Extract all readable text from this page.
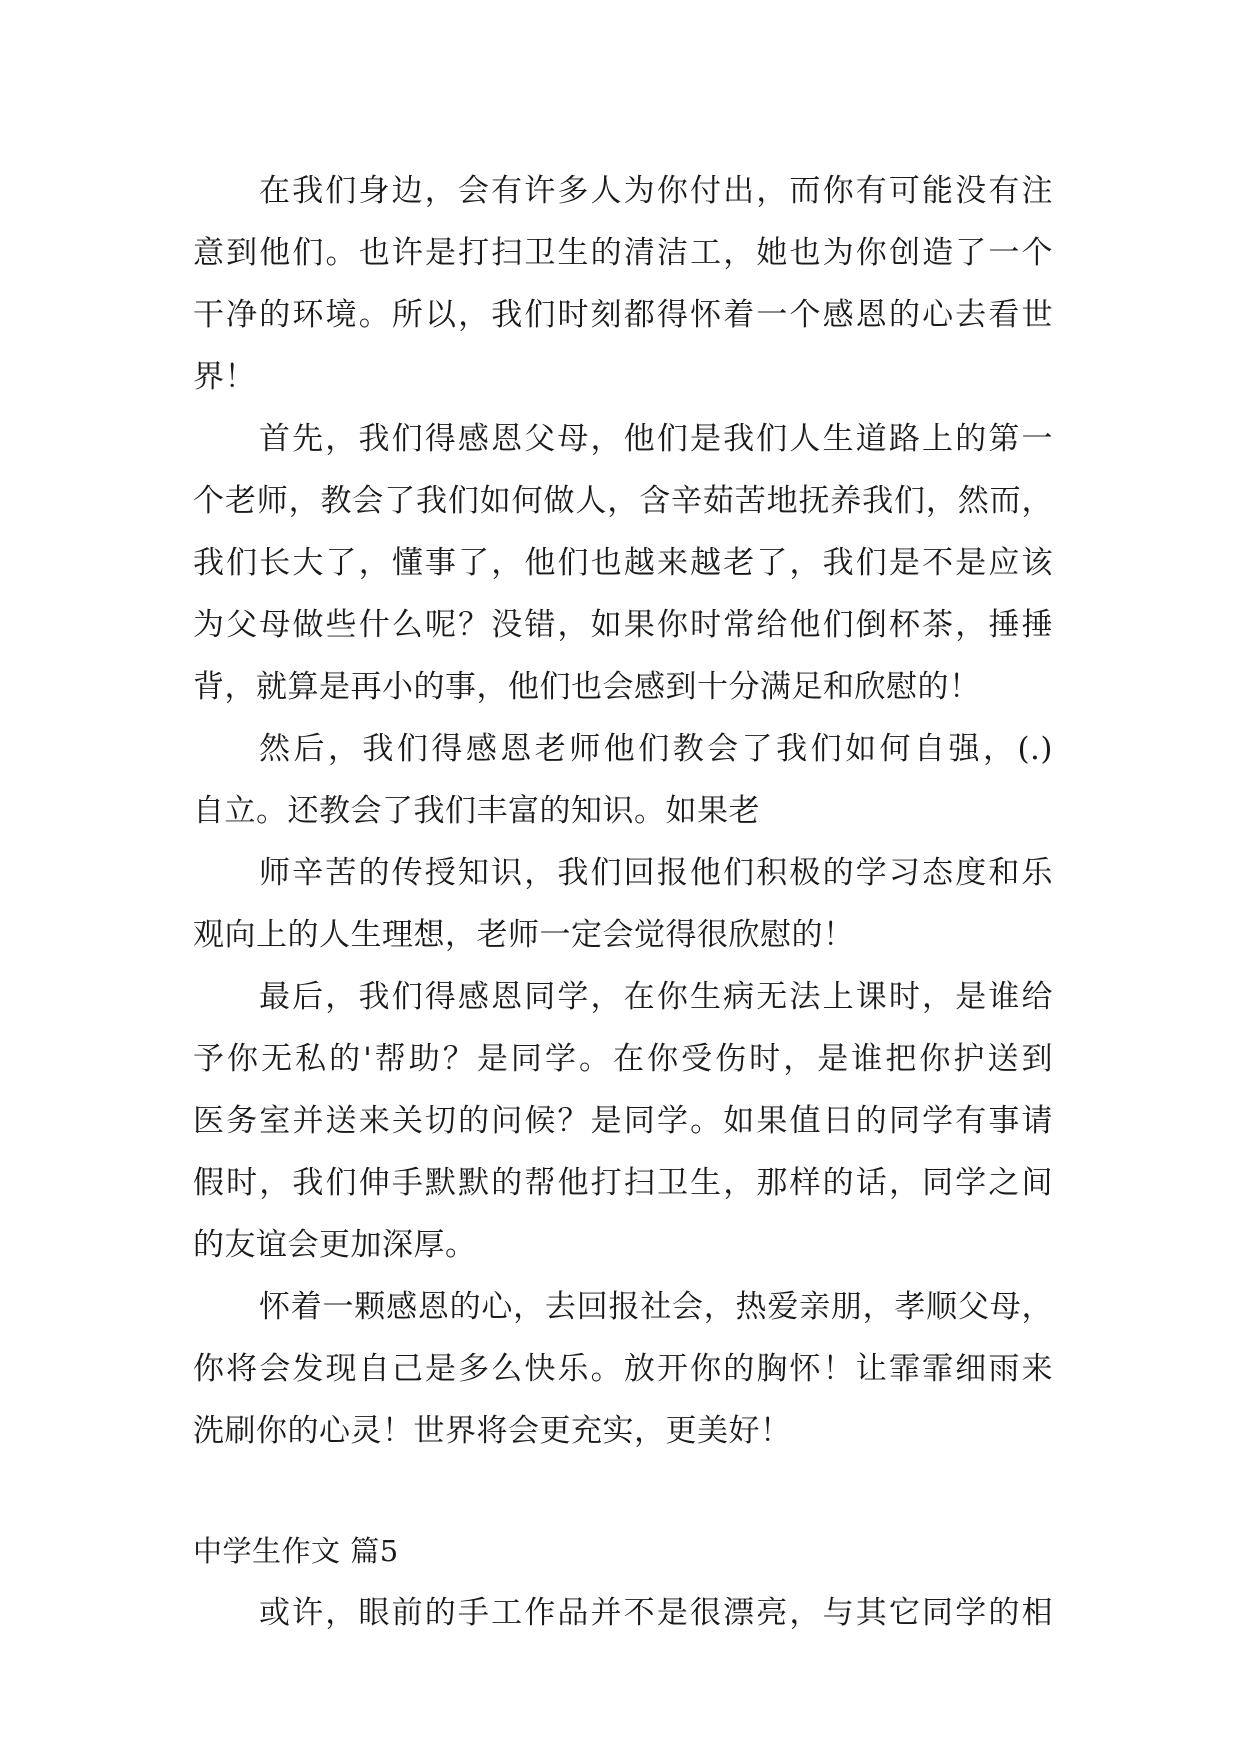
在我们身边，会有许多人为你付出，而你有可能没有注
意到他们。也许是打扫卫生的清洁工，她也为你创造了一个
干净的环境。所以，我们时刻都得怀着一个感恩的心去看世
界！
首先，我们得感恩父母，他们是我们人生道路上的第一
个老师，教会了我们如何做人，含辛茹苦地抚养我们，然而，
我们长大了，懂事了，他们也越来越老了，我们是不是应该
为父母做些什么呢？没错，如果你时常给他们倒杯茶，捶捶
背，就算是再小的事，他们也会感到十分满足和欣慰的！
然后，我们得感恩老师他们教会了我们如何自强，(.)
自立。还教会了我们丰富的知识。如果老
师辛苦的传授知识，我们回报他们积极的学习态度和乐
观向上的人生理想，老师一定会觉得很欣慰的！
最后，我们得感恩同学，在你生病无法上课时，是谁给
予你无私的'帮助？是同学。在你受伤时，是谁把你护送到
医务室并送来关切的问候？是同学。如果值日的同学有事请
假时，我们伸手默默的帮他打扫卫生，那样的话，同学之间
的友谊会更加深厚。
怀着一颗感恩的心，去回报社会，热爱亲朋，孝顺父母，
你将会发现自己是多么快乐。放开你的胸怀！让霏霏细雨来
洗刷你的心灵！世界将会更充实，更美好！
中学生作文 篇5
或许，眼前的手工作品并不是很漂亮，与其它同学的相
